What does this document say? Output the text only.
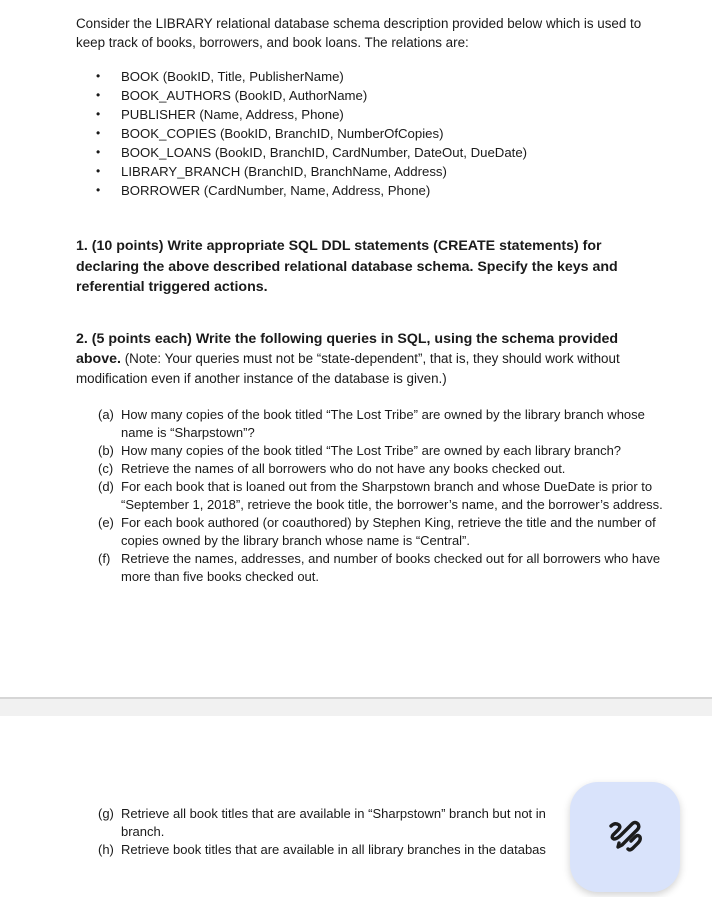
Consider the LIBRARY relational database schema description provided below which is used to keep track of books, borrowers, and book loans. The relations are:
• BOOK (BookID, Title, PublisherName)
• BOOK_AUTHORS (BookID, AuthorName)
• PUBLISHER (Name, Address, Phone)
• BOOK_COPIES (BookID, BranchID, NumberOfCopies)
• BOOK_LOANS (BookID, BranchID, CardNumber, DateOut, DueDate)
• LIBRARY_BRANCH (BranchID, BranchName, Address)
• BORROWER (CardNumber, Name, Address, Phone)
1. (10 points) Write appropriate SQL DDL statements (CREATE statements) for declaring the above described relational database schema. Specify the keys and referential triggered actions.
2. (5 points each) Write the following queries in SQL, using the schema provided above. (Note: Your queries must not be “state-dependent”, that is, they should work without modification even if another instance of the database is given.)
(a) How many copies of the book titled “The Lost Tribe” are owned by the library branch whose name is “Sharpstown”?
(b) How many copies of the book titled “The Lost Tribe” are owned by each library branch?
(c) Retrieve the names of all borrowers who do not have any books checked out.
(d) For each book that is loaned out from the Sharpstown branch and whose DueDate is prior to “September 1, 2018”, retrieve the book title, the borrower’s name, and the borrower’s address.
(e) For each book authored (or coauthored) by Stephen King, retrieve the title and the number of copies owned by the library branch whose name is “Central”.
(f) Retrieve the names, addresses, and number of books checked out for all borrowers who have more than five books checked out.
(g) Retrieve all book titles that are available in “Sharpstown” branch but not in
branch.
(h) Retrieve book titles that are available in all library branches in the databas
